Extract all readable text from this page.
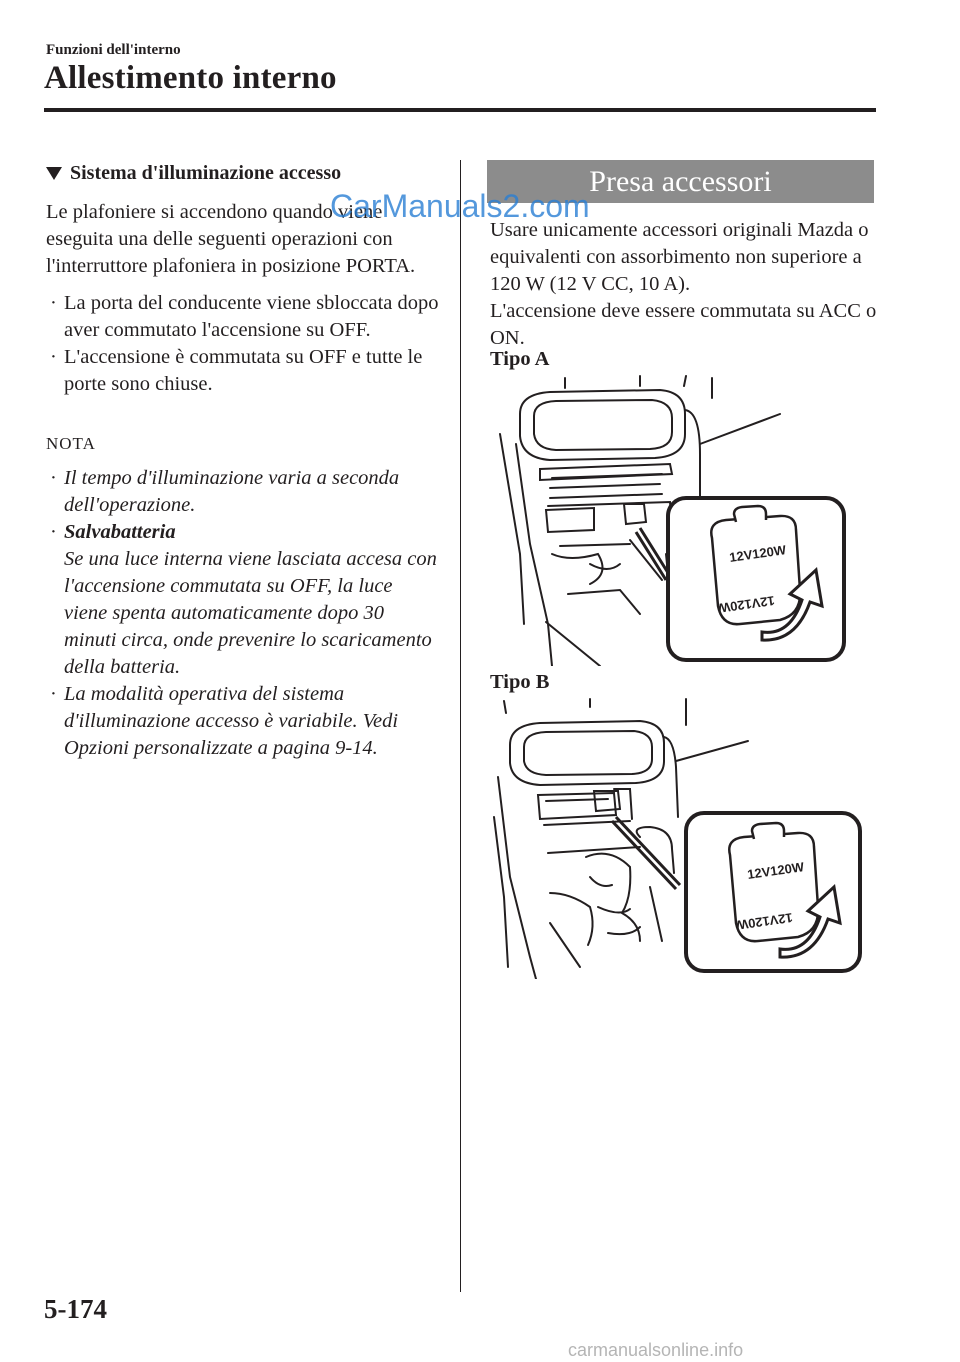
Funzioni dell'interno
Allestimento interno
Sistema d'illuminazione accesso

Le plafoniere si accendono quando viene eseguita una delle seguenti operazioni con l'interruttore plafoniera in posizione PORTA.

· La porta del conducente viene sbloccata dopo aver commutato l'accensione su OFF.
· L'accensione è commutata su OFF e tutte le porte sono chiuse.
NOTA
· Il tempo d'illuminazione varia a seconda dell'operazione.
· Salvabatteria
Se una luce interna viene lasciata accesa con l'accensione commutata su OFF, la luce viene spenta automaticamente dopo 30 minuti circa, onde prevenire lo scaricamento della batteria.
· La modalità operativa del sistema d'illuminazione accesso è variabile. Vedi Opzioni personalizzate a pagina 9-14.
Presa accessori

Usare unicamente accessori originali Mazda o equivalenti con assorbimento non superiore a 120 W (12 V CC, 10 A).

L'accensione deve essere commutata su ACC o ON.

Tipo A
12V120W
12V120W
Tipo B
12V120W
12V120W
CarManuals2.com
5-174
carmanualsonline.info
